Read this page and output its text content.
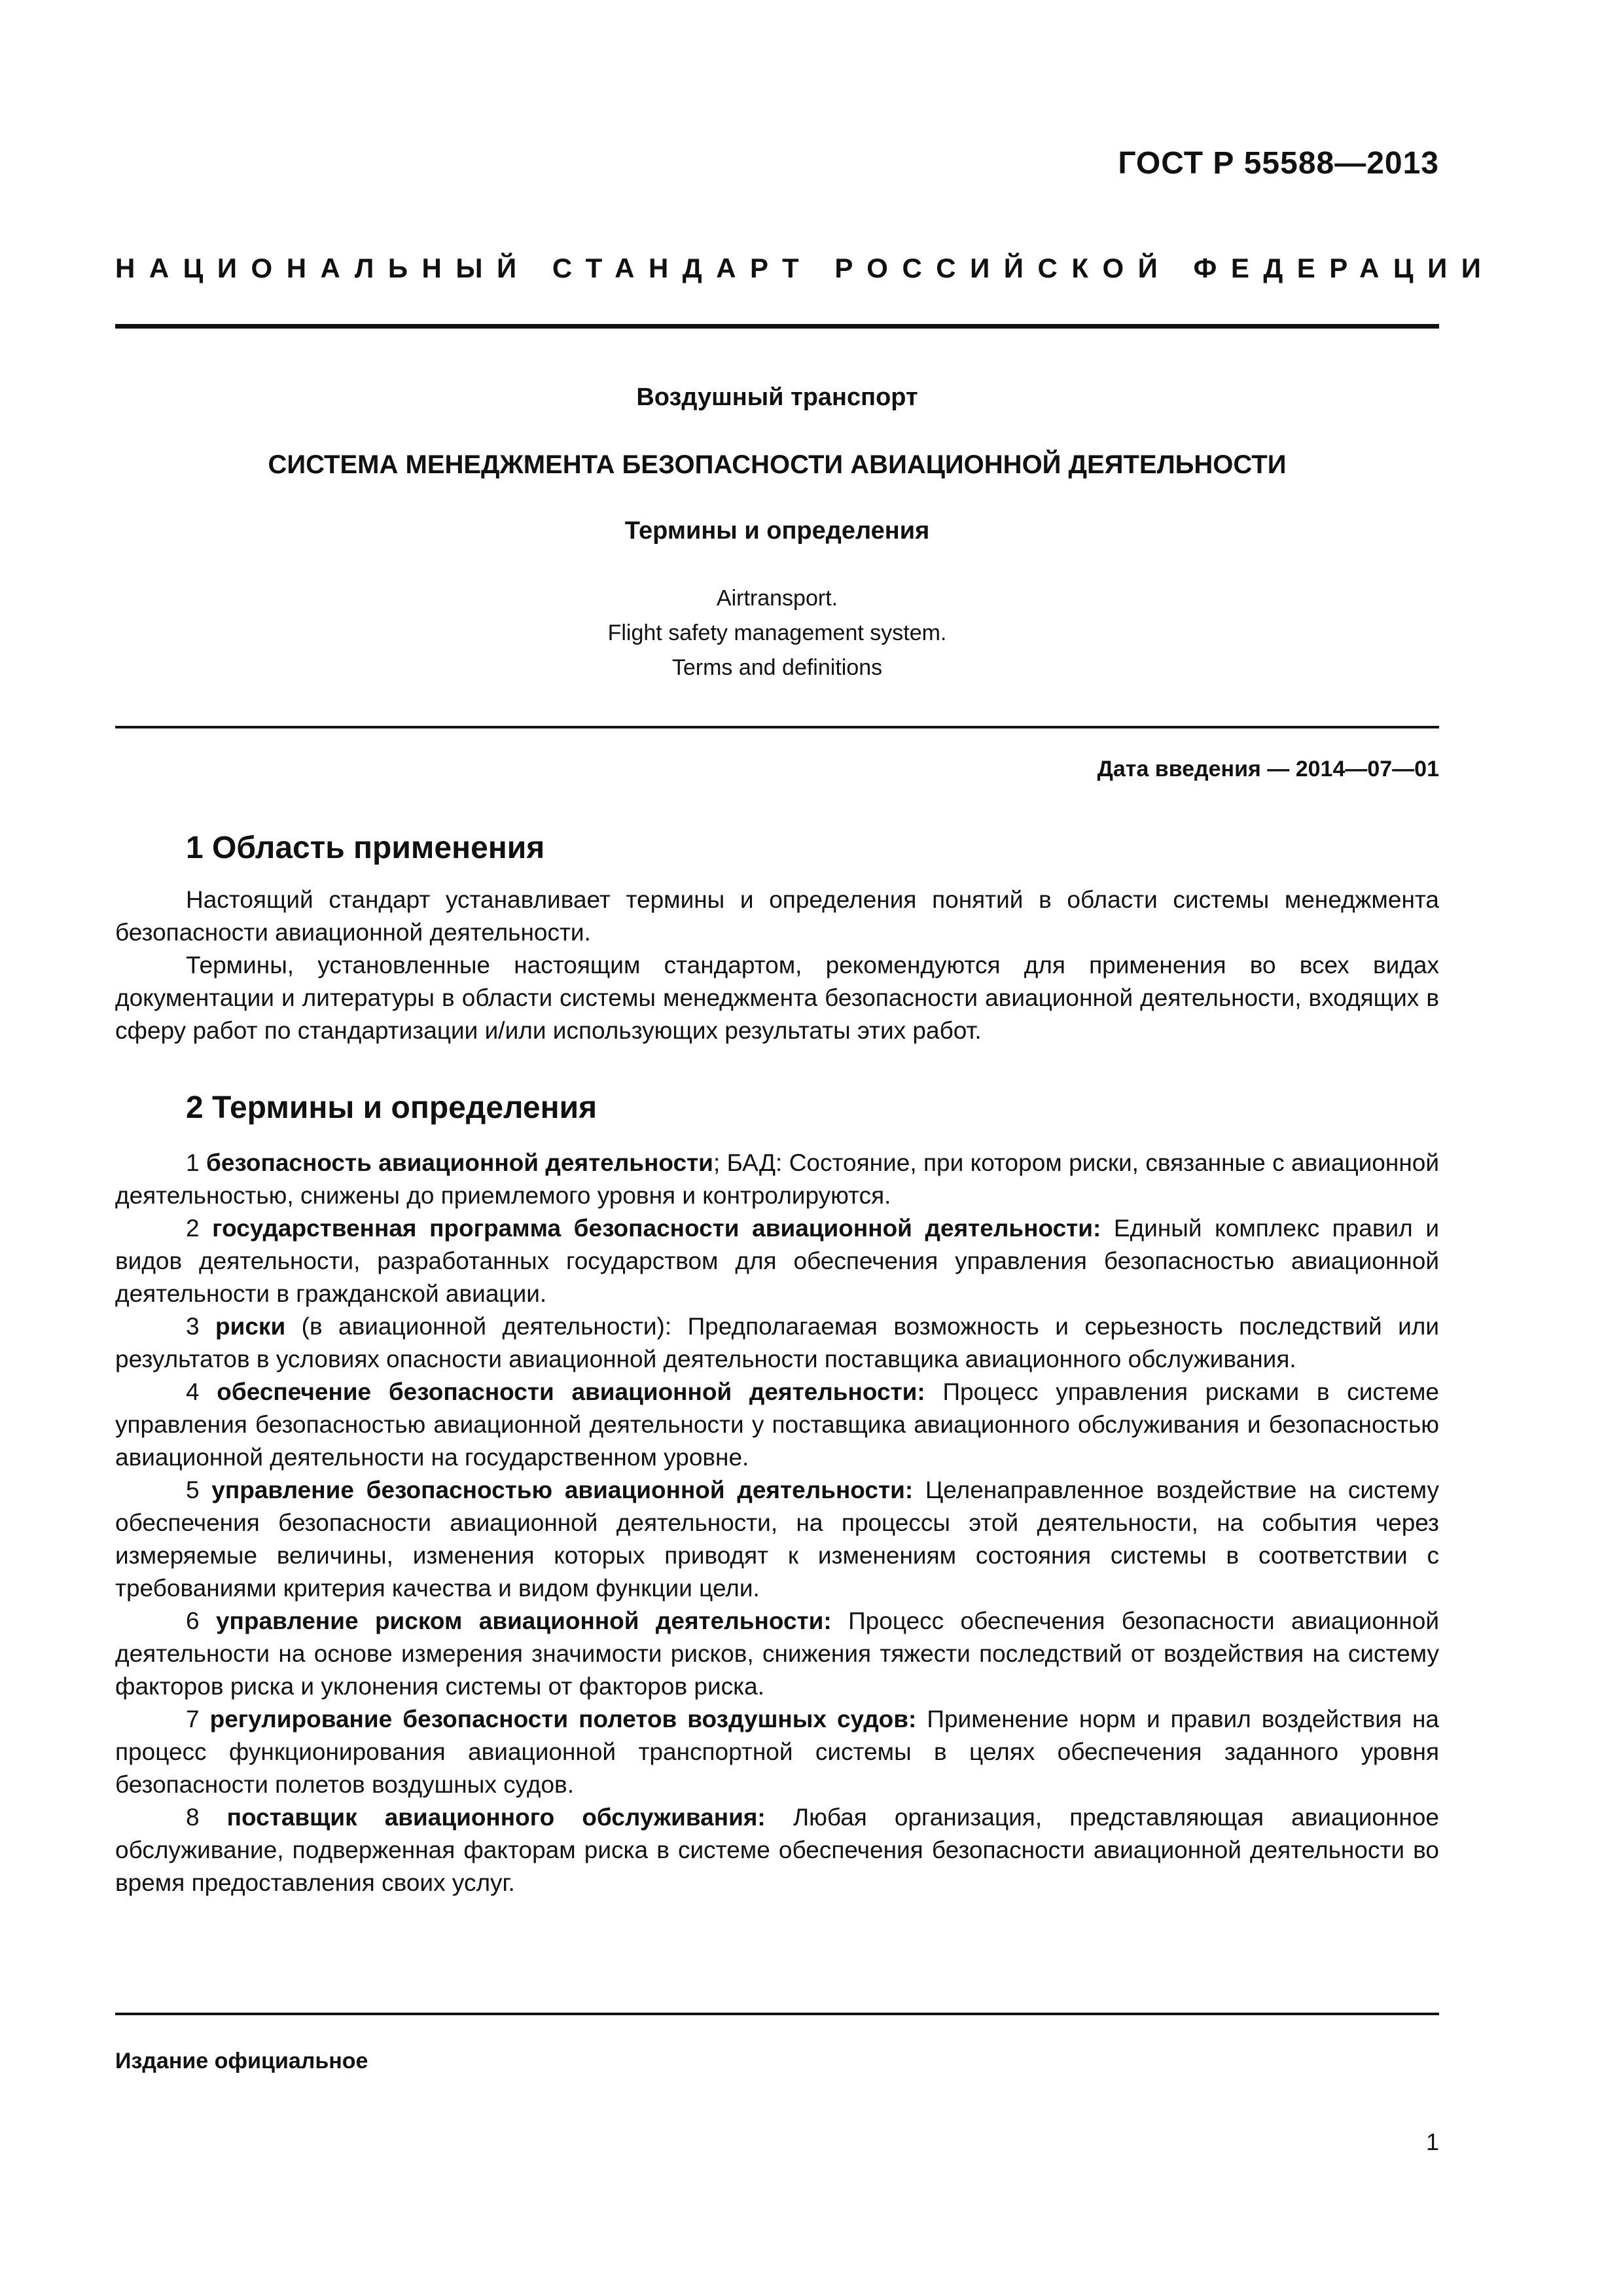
ГОСТ Р 55588—2013
НАЦИОНАЛЬНЫЙ СТАНДАРТ РОССИЙСКОЙ ФЕДЕРАЦИИ
Воздушный транспорт
СИСТЕМА МЕНЕДЖМЕНТА БЕЗОПАСНОСТИ АВИАЦИОННОЙ ДЕЯТЕЛЬНОСТИ
Термины и определения
Airtransport.
Flight safety management system.
Terms and definitions
Дата введения — 2014—07—01
1 Область применения

Настоящий стандарт устанавливает термины и определения понятий в области системы менеджмента безопасности авиационной деятельности.

Термины, установленные настоящим стандартом, рекомендуются для применения во всех видах документации и литературы в области системы менеджмента безопасности авиационной деятельности, входящих в сферу работ по стандартизации и/или использующих результаты этих работ.

2 Термины и определения

1 безопасность авиационной деятельности; БАД: Состояние, при котором риски, связанные с авиационной деятельностью, снижены до приемлемого уровня и контролируются.

2 государственная программа безопасности авиационной деятельности: Единый комплекс правил и видов деятельности, разработанных государством для обеспечения управления безопасностью авиационной деятельности в гражданской авиации.

3 риски (в авиационной деятельности): Предполагаемая возможность и серьезность последствий или результатов в условиях опасности авиационной деятельности поставщика авиационного обслуживания.

4 обеспечение безопасности авиационной деятельности: Процесс управления рисками в системе управления безопасностью авиационной деятельности у поставщика авиационного обслуживания и безопасностью авиационной деятельности на государственном уровне.

5 управление безопасностью авиационной деятельности: Целенаправленное воздействие на систему обеспечения безопасности авиационной деятельности, на процессы этой деятельности, на события через измеряемые величины, изменения которых приводят к изменениям состояния системы в соответствии с требованиями критерия качества и видом функции цели.

6 управление риском авиационной деятельности: Процесс обеспечения безопасности авиационной деятельности на основе измерения значимости рисков, снижения тяжести последствий от воздействия на систему факторов риска и уклонения системы от факторов риска.

7 регулирование безопасности полетов воздушных судов: Применение норм и правил воздействия на процесс функционирования авиационной транспортной системы в целях обеспечения заданного уровня безопасности полетов воздушных судов.

8 поставщик авиационного обслуживания: Любая организация, представляющая авиационное обслуживание, подверженная факторам риска в системе обеспечения безопасности авиационной деятельности во время предоставления своих услуг.

Издание официальное
1
